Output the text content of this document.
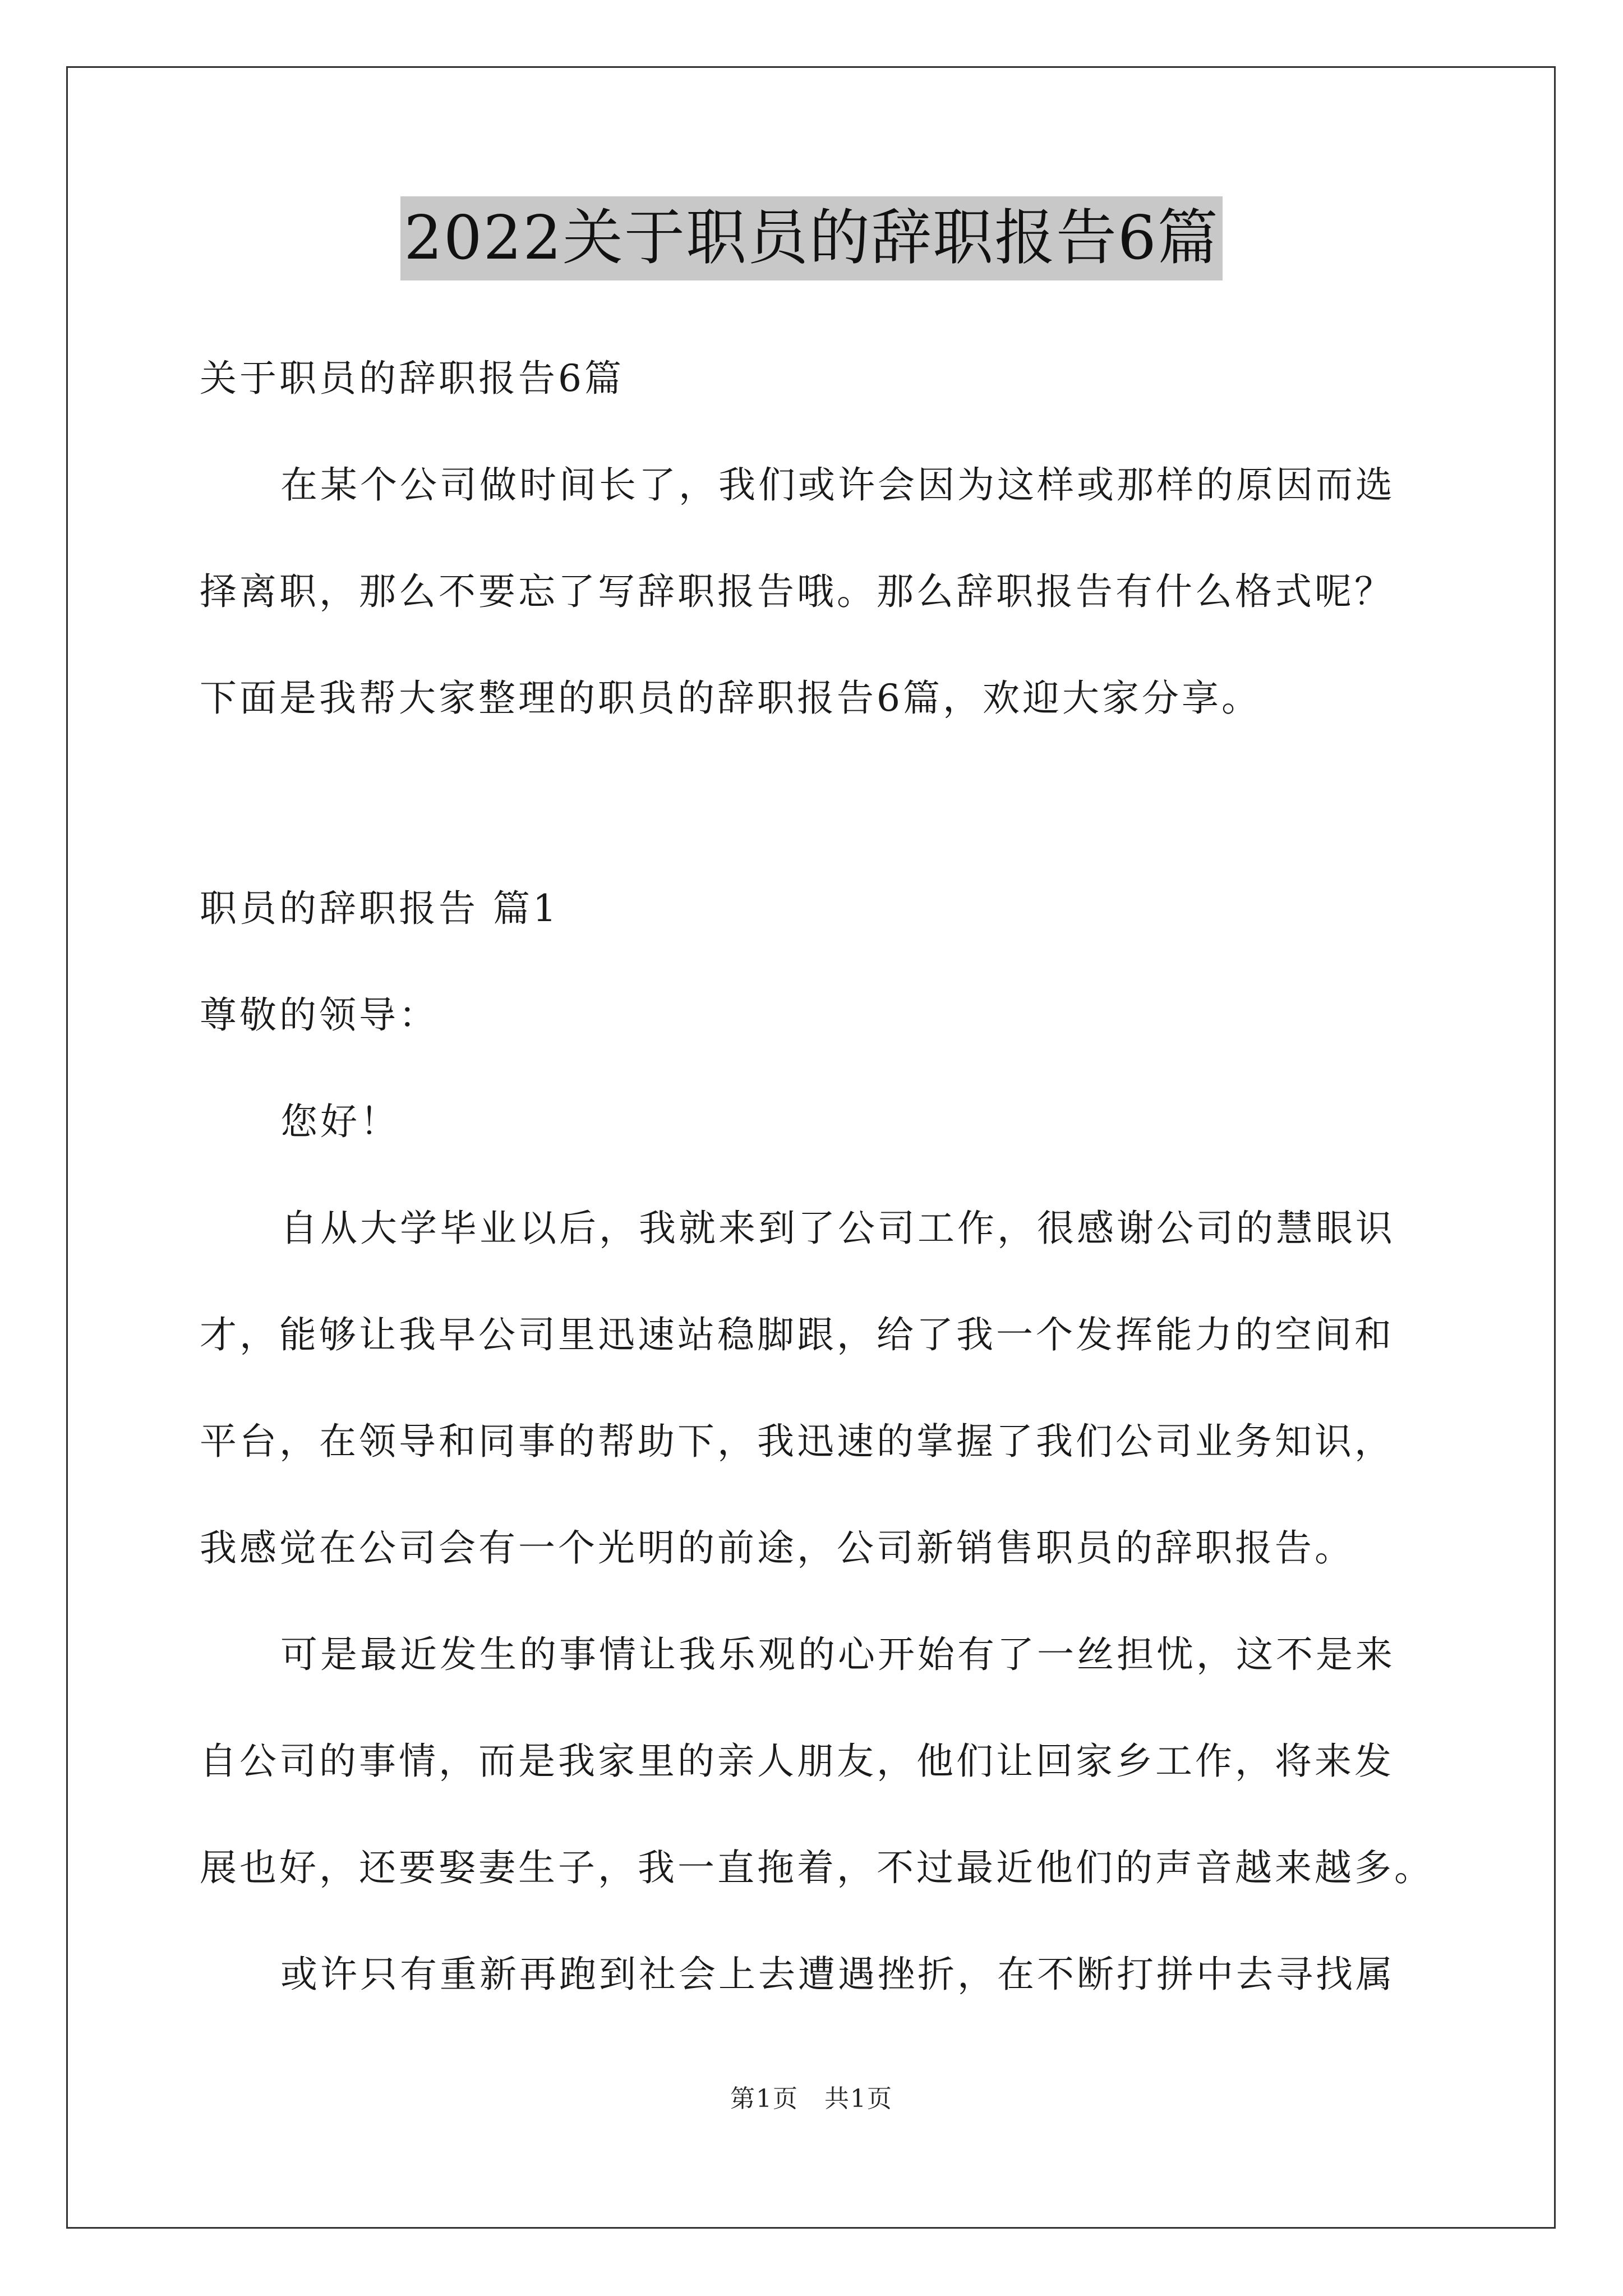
2022关于职员的辞职报告6篇
关于职员的辞职报告6篇
在某个公司做时间长了，我们或许会因为这样或那样的原因而选
择离职，那么不要忘了写辞职报告哦。那么辞职报告有什么格式呢？
下面是我帮大家整理的职员的辞职报告6篇，欢迎大家分享。
职员的辞职报告 篇1
尊敬的领导：
您好！
自从大学毕业以后，我就来到了公司工作，很感谢公司的慧眼识
才，能够让我早公司里迅速站稳脚跟，给了我一个发挥能力的空间和
平台，在领导和同事的帮助下，我迅速的掌握了我们公司业务知识，
我感觉在公司会有一个光明的前途，公司新销售职员的辞职报告。
可是最近发生的事情让我乐观的心开始有了一丝担忧，这不是来
自公司的事情，而是我家里的亲人朋友，他们让回家乡工作，将来发
展也好，还要娶妻生子，我一直拖着，不过最近他们的声音越来越多。
或许只有重新再跑到社会上去遭遇挫折，在不断打拼中去寻找属
第1页　共1页
